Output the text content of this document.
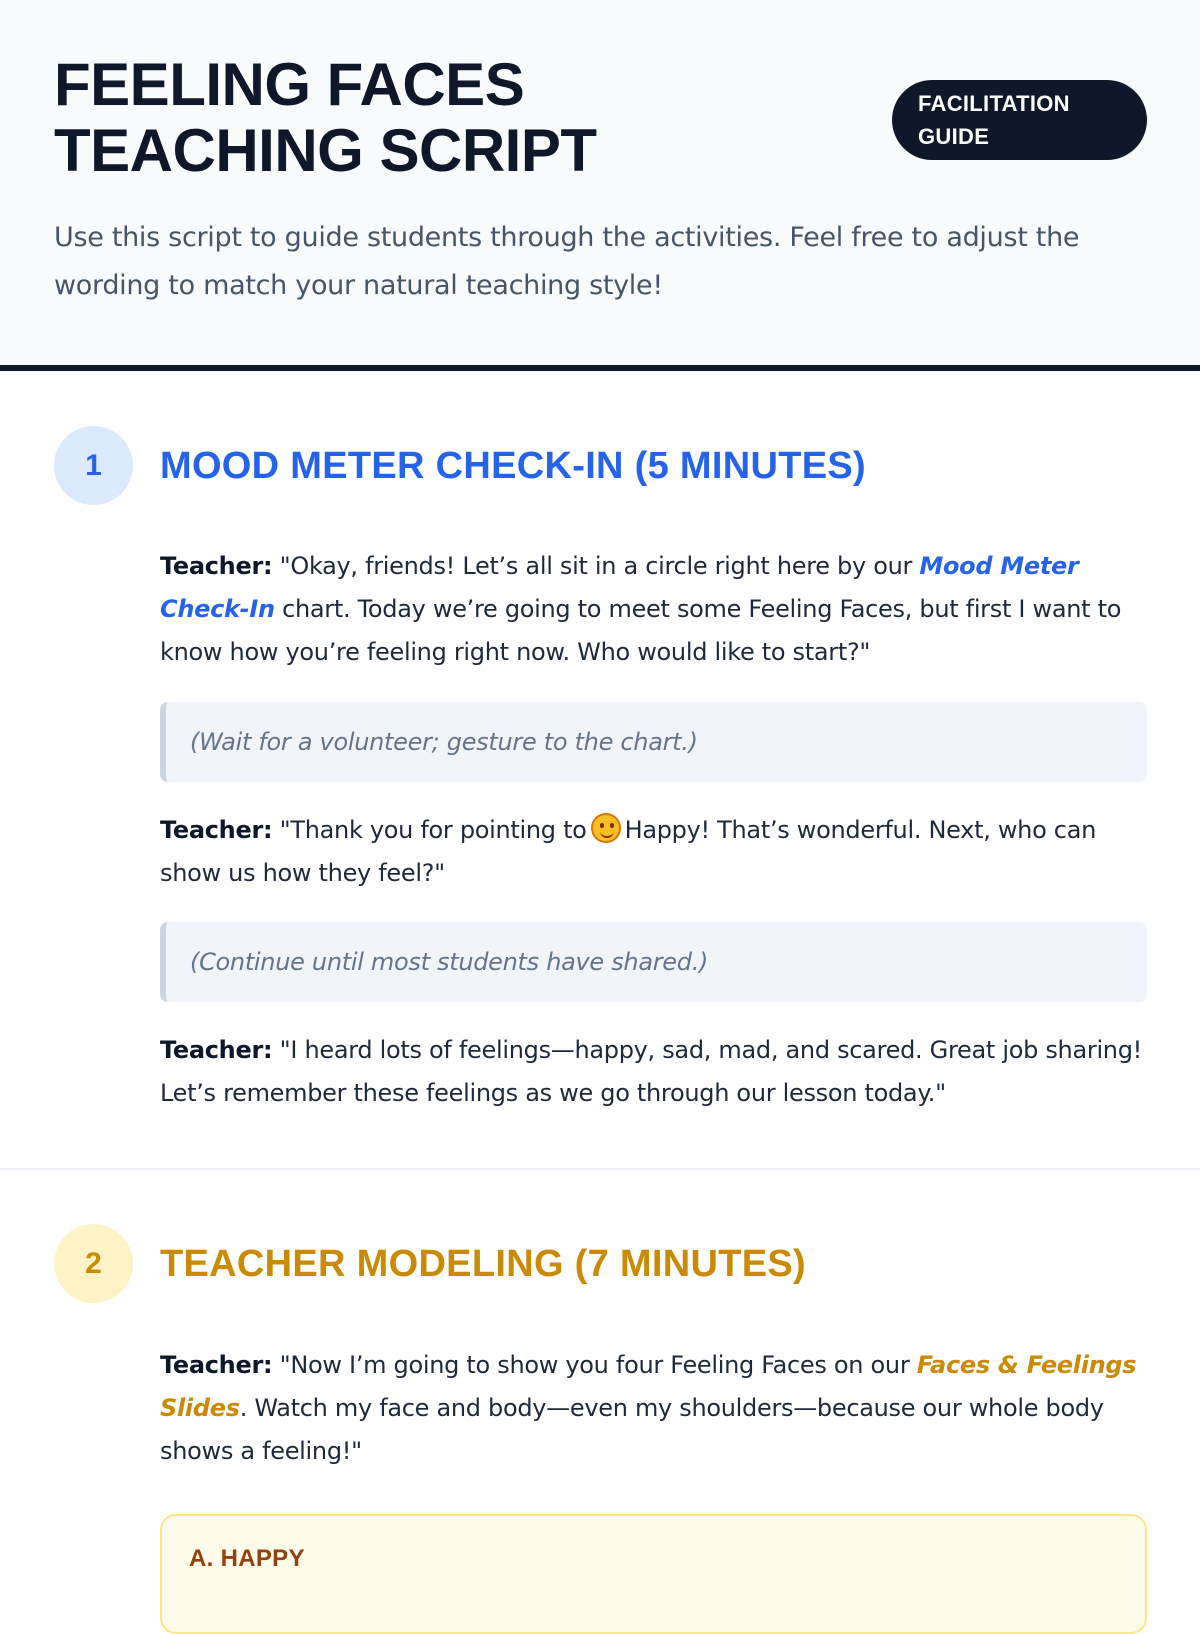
FEELING FACES TEACHING SCRIPT
FACILITATION GUIDE

Use this script to guide students through the activities. Feel free to adjust the wording to match your natural teaching style!

1	MOOD METER CHECK-IN (5 MINUTES)

Teacher: "Okay, friends! Let’s all sit in a circle right here by our Mood Meter Check-In chart. Today we’re going to meet some Feeling Faces, but first I want to know how you’re feeling right now. Who would like to start?"

(Wait for a volunteer; gesture to the chart.)

Teacher: "Thank you for pointing to Happy! That’s wonderful. Next, who can show us how they feel?"

(Continue until most students have shared.)

Teacher: "I heard lots of feelings—happy, sad, mad, and scared. Great job sharing! Let’s remember these feelings as we go through our lesson today."

2	TEACHER MODELING (7 MINUTES)

Teacher: "Now I’m going to show you four Feeling Faces on our Faces & Feelings Slides. Watch my face and body—even my shoulders—because our whole body shows a feeling!"

A. HAPPY
